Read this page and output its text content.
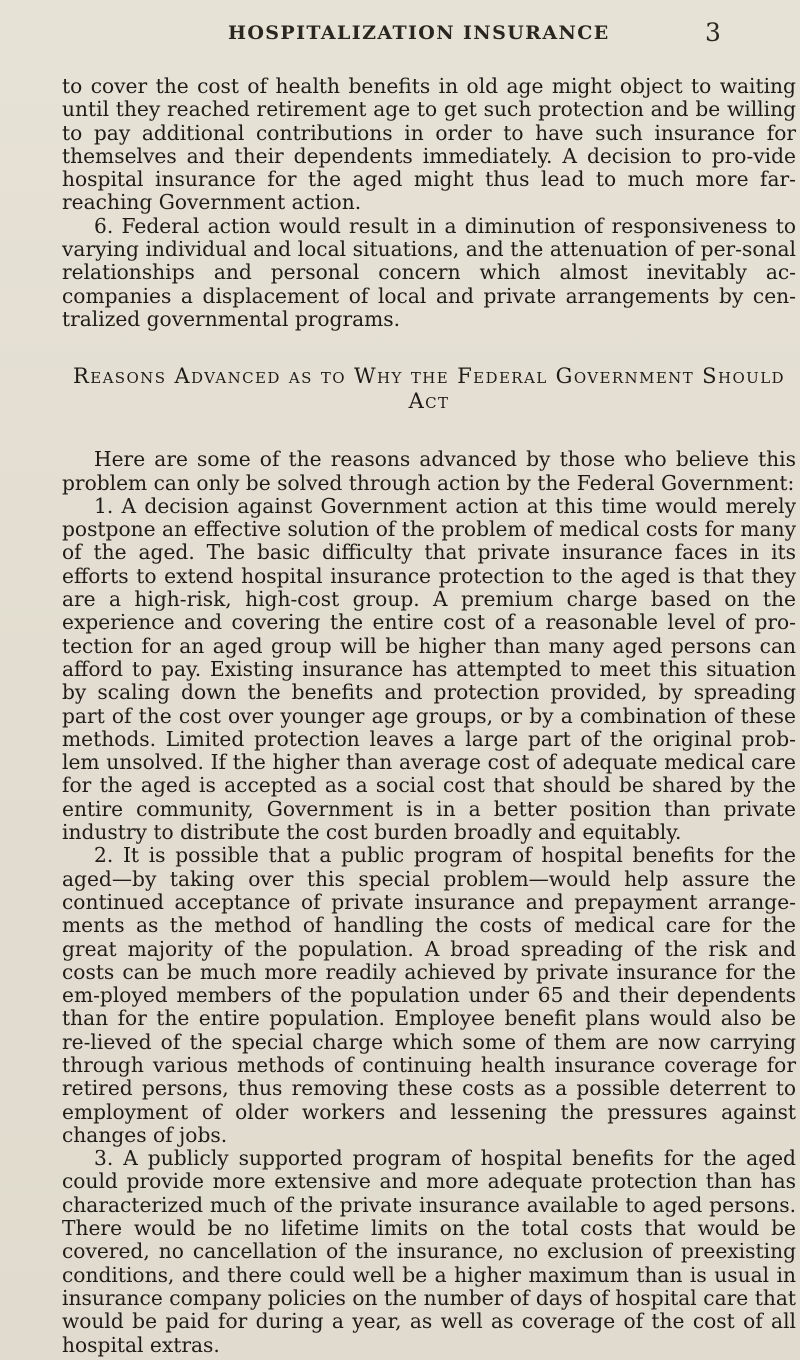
HOSPITALIZATION INSURANCE	3

to cover the cost of health benefits in old age might object to waiting until they reached retirement age to get such protection and be willing to pay additional contributions in order to have such insurance for themselves and their dependents immediately. A decision to pro-vide hospital insurance for the aged might thus lead to much more far-reaching Government action.

6. Federal action would result in a diminution of responsiveness to varying individual and local situations, and the attenuation of per-sonal relationships and personal concern which almost inevitably ac-companies a displacement of local and private arrangements by cen-tralized governmental programs.

Reasons Advanced as to Why the Federal Government Should Act

Here are some of the reasons advanced by those who believe this problem can only be solved through action by the Federal Government:

1. A decision against Government action at this time would merely postpone an effective solution of the problem of medical costs for many of the aged. The basic difficulty that private insurance faces in its efforts to extend hospital insurance protection to the aged is that they are a high-risk, high-cost group. A premium charge based on the experience and covering the entire cost of a reasonable level of pro-tection for an aged group will be higher than many aged persons can afford to pay. Existing insurance has attempted to meet this situation by scaling down the benefits and protection provided, by spreading part of the cost over younger age groups, or by a combination of these methods. Limited protection leaves a large part of the original prob-lem unsolved. If the higher than average cost of adequate medical care for the aged is accepted as a social cost that should be shared by the entire community, Government is in a better position than private industry to distribute the cost burden broadly and equitably.

2. It is possible that a public program of hospital benefits for the aged—by taking over this special problem—would help assure the continued acceptance of private insurance and prepayment arrange-ments as the method of handling the costs of medical care for the great majority of the population. A broad spreading of the risk and costs can be much more readily achieved by private insurance for the em-ployed members of the population under 65 and their dependents than for the entire population. Employee benefit plans would also be re-lieved of the special charge which some of them are now carrying through various methods of continuing health insurance coverage for retired persons, thus removing these costs as a possible deterrent to employment of older workers and lessening the pressures against changes of jobs.

3. A publicly supported program of hospital benefits for the aged could provide more extensive and more adequate protection than has characterized much of the private insurance available to aged persons. There would be no lifetime limits on the total costs that would be covered, no cancellation of the insurance, no exclusion of preexisting conditions, and there could well be a higher maximum than is usual in insurance company policies on the number of days of hospital care that would be paid for during a year, as well as coverage of the cost of all hospital extras.
